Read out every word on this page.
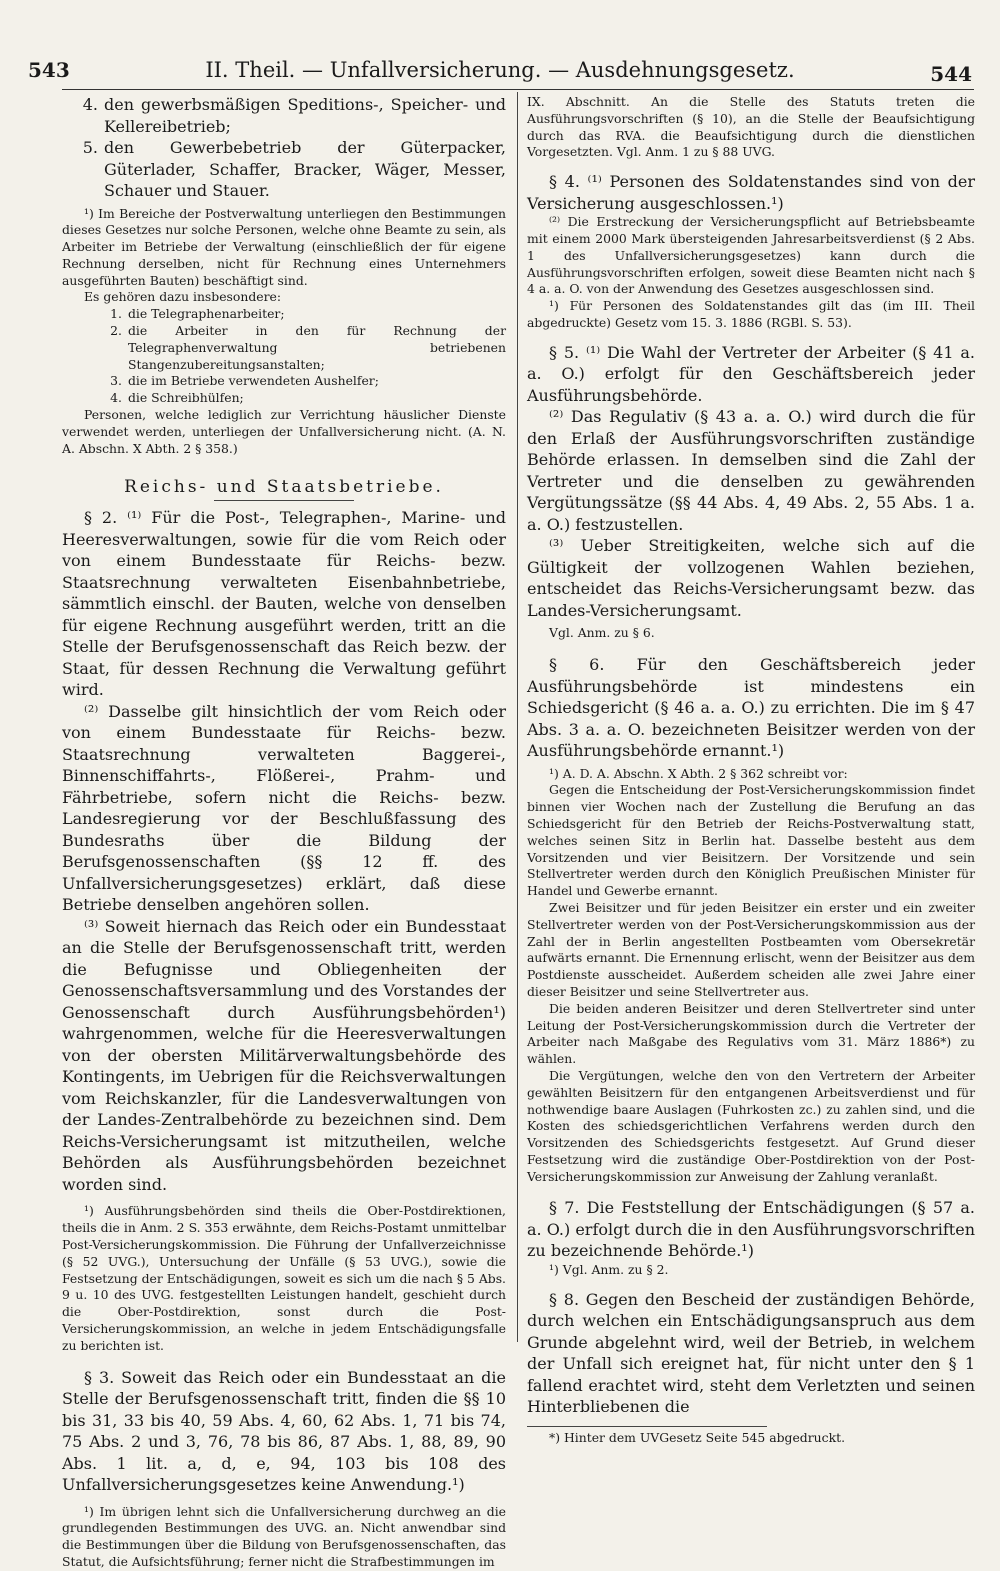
543	II. Theil. — Unfallversicherung. — Ausdehnungsgesetz.	544
4. den gewerbsmäßigen Speditions-, Speicher- und Kellereibetrieb;
5. den Gewerbebetrieb der Güterpacker, Güterlader, Schaffer, Bracker, Wäger, Messer, Schauer und Stauer.

¹) Im Bereiche der Postverwaltung unterliegen den Bestimmungen dieses Gesetzes nur solche Personen, welche ohne Beamte zu sein, als Arbeiter im Betriebe der Verwaltung (einschließlich der für eigene Rechnung derselben, nicht für Rechnung eines Unternehmers ausgeführten Bauten) beschäftigt sind.

Es gehören dazu insbesondere:

1. die Telegraphenarbeiter;
2. die Arbeiter in den für Rechnung der Telegraphenverwaltung betriebenen Stangenzubereitungsanstalten;
3. die im Betriebe verwendeten Aushelfer;
4. die Schreibhülfen;

Personen, welche lediglich zur Verrichtung häuslicher Dienste verwendet werden, unterliegen der Unfallversicherung nicht. (A. N. A. Abschn. X Abth. 2 § 358.)

Reichs- und Staatsbetriebe.

§ 2. ⁽¹⁾ Für die Post-, Telegraphen-, Marine- und Heeresverwaltungen, sowie für die vom Reich oder von einem Bundesstaate für Reichs- bezw. Staatsrechnung verwalteten Eisenbahnbetriebe, sämmtlich einschl. der Bauten, welche von denselben für eigene Rechnung ausgeführt werden, tritt an die Stelle der Berufsgenossenschaft das Reich bezw. der Staat, für dessen Rechnung die Verwaltung geführt wird.

⁽²⁾ Dasselbe gilt hinsichtlich der vom Reich oder von einem Bundesstaate für Reichs- bezw. Staatsrechnung verwalteten Baggerei-, Binnenschiffahrts-, Flößerei-, Prahm- und Fährbetriebe, sofern nicht die Reichs- bezw. Landesregierung vor der Beschlußfassung des Bundesraths über die Bildung der Berufsgenossenschaften (§§ 12 ff. des Unfallversicherungsgesetzes) erklärt, daß diese Betriebe denselben angehören sollen.

⁽³⁾ Soweit hiernach das Reich oder ein Bundesstaat an die Stelle der Berufsgenossenschaft tritt, werden die Befugnisse und Obliegenheiten der Genossenschaftsversammlung und des Vorstandes der Genossenschaft durch Ausführungsbehörden¹) wahrgenommen, welche für die Heeresverwaltungen von der obersten Militärverwaltungsbehörde des Kontingents, im Uebrigen für die Reichsverwaltungen vom Reichskanzler, für die Landesverwaltungen von der Landes-Zentralbehörde zu bezeichnen sind. Dem Reichs-Versicherungsamt ist mitzutheilen, welche Behörden als Ausführungsbehörden bezeichnet worden sind.

¹) Ausführungsbehörden sind theils die Ober-Postdirektionen, theils die in Anm. 2 S. 353 erwähnte, dem Reichs-Postamt unmittelbar Post-Versicherungskommission. Die Führung der Unfallverzeichnisse (§ 52 UVG.), Untersuchung der Unfälle (§ 53 UVG.), sowie die Festsetzung der Entschädigungen, soweit es sich um die nach § 5 Abs. 9 u. 10 des UVG. festgestellten Leistungen handelt, geschieht durch die Ober-Postdirektion, sonst durch die Post-Versicherungskommission, an welche in jedem Entschädigungsfalle zu berichten ist.

§ 3. Soweit das Reich oder ein Bundesstaat an die Stelle der Berufsgenossenschaft tritt, finden die §§ 10 bis 31, 33 bis 40, 59 Abs. 4, 60, 62 Abs. 1, 71 bis 74, 75 Abs. 2 und 3, 76, 78 bis 86, 87 Abs. 1, 88, 89, 90 Abs. 1 lit. a, d, e, 94, 103 bis 108 des Unfallversicherungsgesetzes keine Anwendung.¹)

¹) Im übrigen lehnt sich die Unfallversicherung durchweg an die grundlegenden Bestimmungen des UVG. an. Nicht anwendbar sind die Bestimmungen über die Bildung von Berufsgenossenschaften, das Statut, die Aufsichtsführung; ferner nicht die Strafbestimmungen im

IX. Abschnitt. An die Stelle des Statuts treten die Ausführungsvorschriften (§ 10), an die Stelle der Beaufsichtigung durch das RVA. die Beaufsichtigung durch die dienstlichen Vorgesetzten. Vgl. Anm. 1 zu § 88 UVG.

§ 4. ⁽¹⁾ Personen des Soldatenstandes sind von der Versicherung ausgeschlossen.¹)

⁽²⁾ Die Erstreckung der Versicherungspflicht auf Betriebsbeamte mit einem 2000 Mark übersteigenden Jahresarbeitsverdienst (§ 2 Abs. 1 des Unfallversicherungsgesetzes) kann durch die Ausführungsvorschriften erfolgen, soweit diese Beamten nicht nach § 4 a. a. O. von der Anwendung des Gesetzes ausgeschlossen sind.

¹) Für Personen des Soldatenstandes gilt das (im III. Theil abgedruckte) Gesetz vom 15. 3. 1886 (RGBl. S. 53).

§ 5. ⁽¹⁾ Die Wahl der Vertreter der Arbeiter (§ 41 a. a. O.) erfolgt für den Geschäftsbereich jeder Ausführungsbehörde.

⁽²⁾ Das Regulativ (§ 43 a. a. O.) wird durch die für den Erlaß der Ausführungsvorschriften zuständige Behörde erlassen. In demselben sind die Zahl der Vertreter und die denselben zu gewährenden Vergütungssätze (§§ 44 Abs. 4, 49 Abs. 2, 55 Abs. 1 a. a. O.) festzustellen.

⁽³⁾ Ueber Streitigkeiten, welche sich auf die Gültigkeit der vollzogenen Wahlen beziehen, entscheidet das Reichs-Versicherungsamt bezw. das Landes-Versicherungsamt.

Vgl. Anm. zu § 6.

§ 6. Für den Geschäftsbereich jeder Ausführungsbehörde ist mindestens ein Schiedsgericht (§ 46 a. a. O.) zu errichten. Die im § 47 Abs. 3 a. a. O. bezeichneten Beisitzer werden von der Ausführungsbehörde ernannt.¹)

¹) A. D. A. Abschn. X Abth. 2 § 362 schreibt vor:

Gegen die Entscheidung der Post-Versicherungskommission findet binnen vier Wochen nach der Zustellung die Berufung an das Schiedsgericht für den Betrieb der Reichs-Postverwaltung statt, welches seinen Sitz in Berlin hat. Dasselbe besteht aus dem Vorsitzenden und vier Beisitzern. Der Vorsitzende und sein Stellvertreter werden durch den Königlich Preußischen Minister für Handel und Gewerbe ernannt.

Zwei Beisitzer und für jeden Beisitzer ein erster und ein zweiter Stellvertreter werden von der Post-Versicherungskommission aus der Zahl der in Berlin angestellten Postbeamten vom Obersekretär aufwärts ernannt. Die Ernennung erlischt, wenn der Beisitzer aus dem Postdienste ausscheidet. Außerdem scheiden alle zwei Jahre einer dieser Beisitzer und seine Stellvertreter aus.

Die beiden anderen Beisitzer und deren Stellvertreter sind unter Leitung der Post-Versicherungskommission durch die Vertreter der Arbeiter nach Maßgabe des Regulativs vom 31. März 1886*) zu wählen.

Die Vergütungen, welche den von den Vertretern der Arbeiter gewählten Beisitzern für den entgangenen Arbeitsverdienst und für nothwendige baare Auslagen (Fuhrkosten zc.) zu zahlen sind, und die Kosten des schiedsgerichtlichen Verfahrens werden durch den Vorsitzenden des Schiedsgerichts festgesetzt. Auf Grund dieser Festsetzung wird die zuständige Ober-Postdirektion von der Post-Versicherungskommission zur Anweisung der Zahlung veranlaßt.

§ 7. Die Feststellung der Entschädigungen (§ 57 a. a. O.) erfolgt durch die in den Ausführungsvorschriften zu bezeichnende Behörde.¹)

¹) Vgl. Anm. zu § 2.

§ 8. Gegen den Bescheid der zuständigen Behörde, durch welchen ein Entschädigungsanspruch aus dem Grunde abgelehnt wird, weil der Betrieb, in welchem der Unfall sich ereignet hat, für nicht unter den § 1 fallend erachtet wird, steht dem Verletzten und seinen Hinterbliebenen die

*) Hinter dem UVGesetz Seite 545 abgedruckt.
